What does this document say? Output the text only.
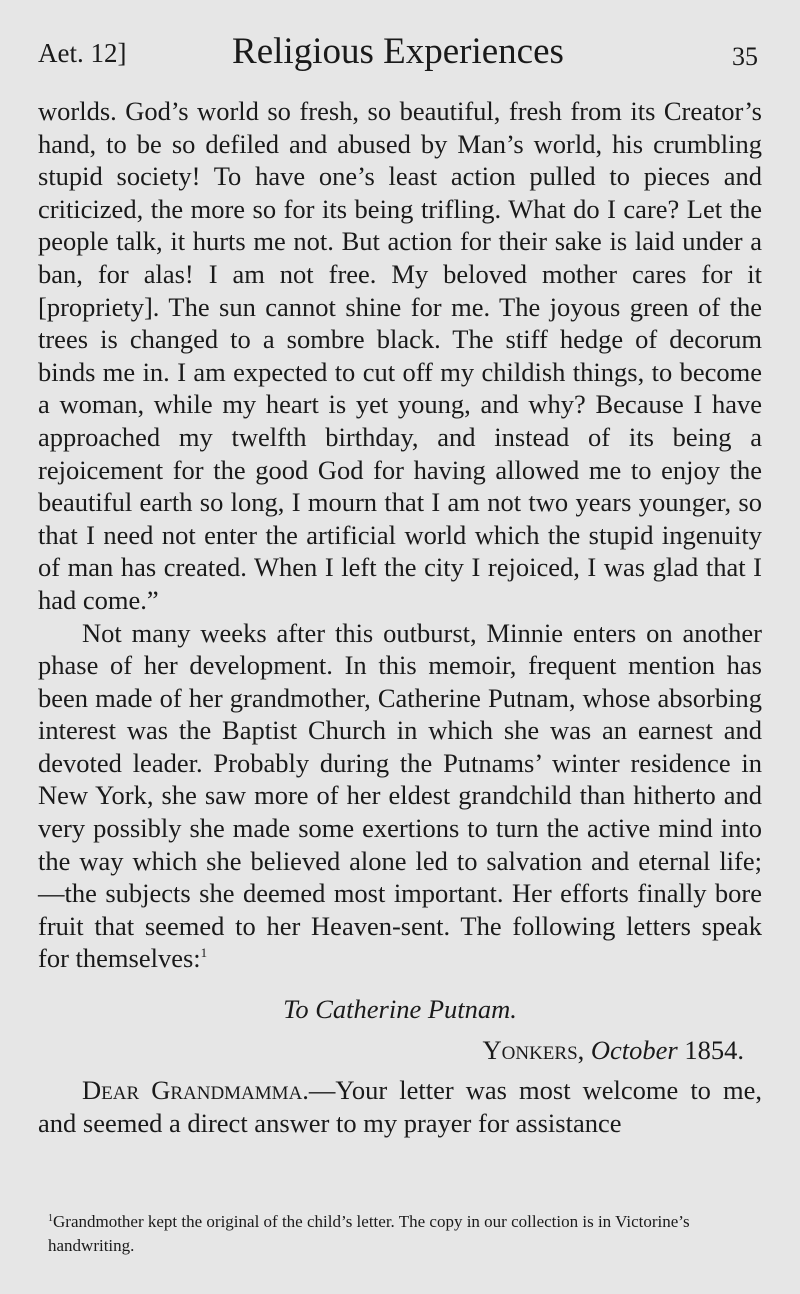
Aet. 12]	Religious Experiences	35

worlds. God’s world so fresh, so beautiful, fresh from its Creator’s hand, to be so defiled and abused by Man’s world, his crumbling stupid society! To have one’s least action pulled to pieces and criticized, the more so for its being trifling. What do I care? Let the people talk, it hurts me not. But action for their sake is laid under a ban, for alas! I am not free. My beloved mother cares for it [propriety]. The sun cannot shine for me. The joyous green of the trees is changed to a sombre black. The stiff hedge of decorum binds me in. I am expected to cut off my childish things, to become a woman, while my heart is yet young, and why? Because I have approached my twelfth birthday, and instead of its being a rejoicement for the good God for having allowed me to enjoy the beautiful earth so long, I mourn that I am not two years younger, so that I need not enter the artificial world which the stupid ingenuity of man has created. When I left the city I rejoiced, I was glad that I had come.”

Not many weeks after this outburst, Minnie enters on another phase of her development. In this memoir, frequent mention has been made of her grandmother, Catherine Putnam, whose absorbing interest was the Baptist Church in which she was an earnest and devoted leader. Probably during the Putnams’ winter residence in New York, she saw more of her eldest grandchild than hitherto and very possibly she made some exertions to turn the active mind into the way which she believed alone led to salvation and eternal life;—the subjects she deemed most important. Her efforts finally bore fruit that seemed to her Heaven-sent. The following letters speak for themselves:$^1$

To Catherine Putnam.

Yonkers, October 1854.

Dear Grandmamma.—Your letter was most welcome to me, and seemed a direct answer to my prayer for assistance

$^1$Grandmother kept the original of the child’s letter. The copy in our collection is in Victorine’s handwriting.
